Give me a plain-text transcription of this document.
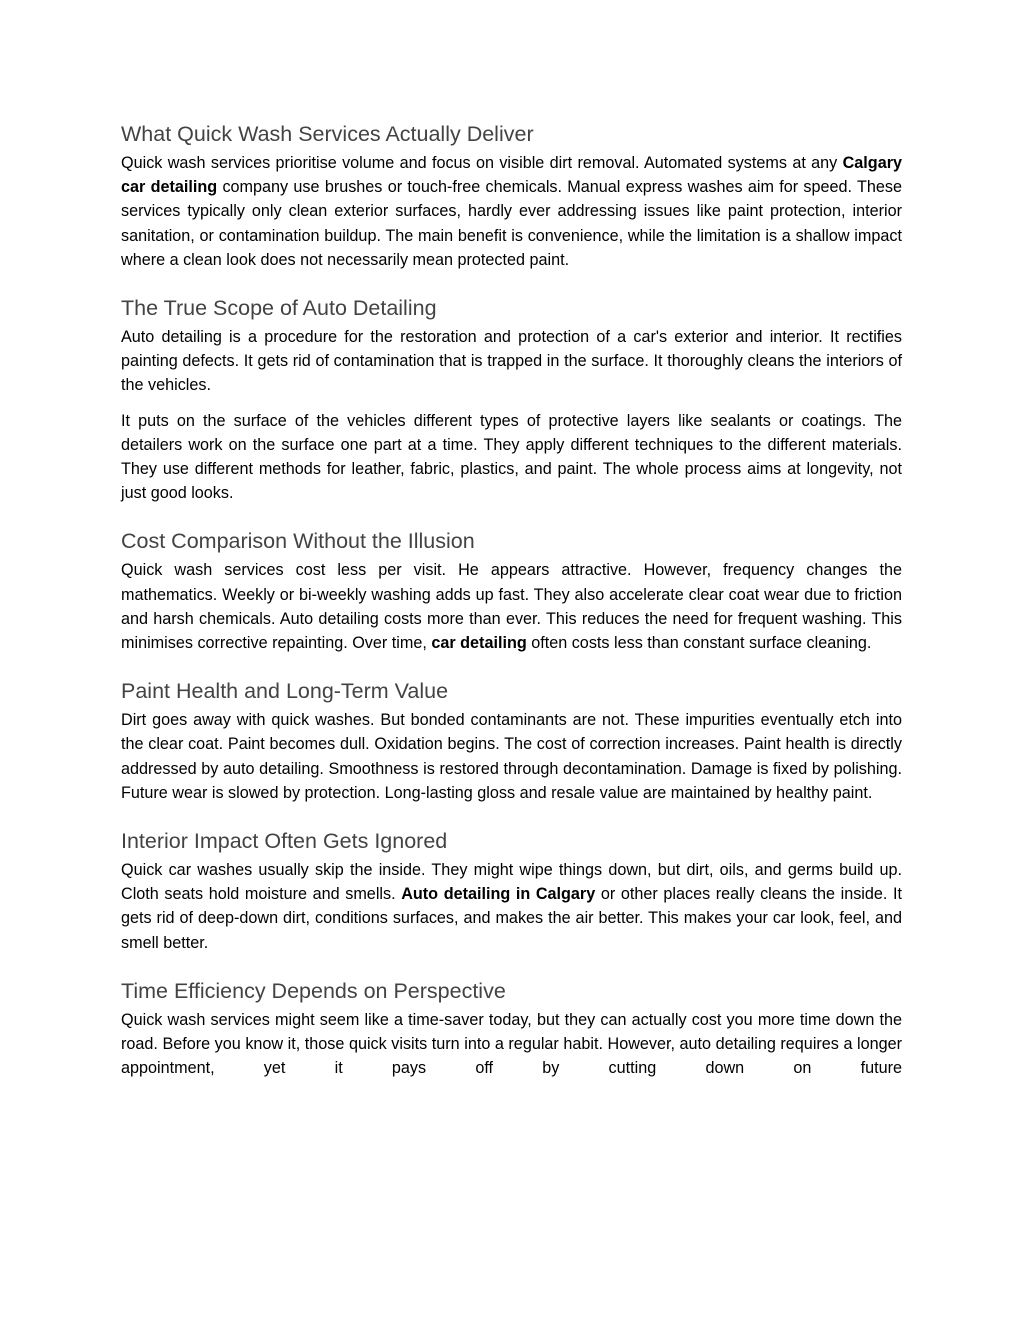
What Quick Wash Services Actually Deliver

Quick wash services prioritise volume and focus on visible dirt removal. Automated systems at any Calgary car detailing company use brushes or touch-free chemicals. Manual express washes aim for speed. These services typically only clean exterior surfaces, hardly ever addressing issues like paint protection, interior sanitation, or contamination buildup. The main benefit is convenience, while the limitation is a shallow impact where a clean look does not necessarily mean protected paint.

The True Scope of Auto Detailing

Auto detailing is a procedure for the restoration and protection of a car's exterior and interior. It rectifies painting defects. It gets rid of contamination that is trapped in the surface. It thoroughly cleans the interiors of the vehicles.

It puts on the surface of the vehicles different types of protective layers like sealants or coatings. The detailers work on the surface one part at a time. They apply different techniques to the different materials. They use different methods for leather, fabric, plastics, and paint. The whole process aims at longevity, not just good looks.

Cost Comparison Without the Illusion

Quick wash services cost less per visit. He appears attractive. However, frequency changes the mathematics. Weekly or bi-weekly washing adds up fast. They also accelerate clear coat wear due to friction and harsh chemicals. Auto detailing costs more than ever. This reduces the need for frequent washing. This minimises corrective repainting. Over time, car detailing often costs less than constant surface cleaning.

Paint Health and Long-Term Value

Dirt goes away with quick washes. But bonded contaminants are not. These impurities eventually etch into the clear coat. Paint becomes dull. Oxidation begins. The cost of correction increases. Paint health is directly addressed by auto detailing. Smoothness is restored through decontamination. Damage is fixed by polishing. Future wear is slowed by protection. Long-lasting gloss and resale value are maintained by healthy paint.

Interior Impact Often Gets Ignored

Quick car washes usually skip the inside. They might wipe things down, but dirt, oils, and germs build up. Cloth seats hold moisture and smells. Auto detailing in Calgary or other places really cleans the inside. It gets rid of deep-down dirt, conditions surfaces, and makes the air better. This makes your car look, feel, and smell better.

Time Efficiency Depends on Perspective

Quick wash services might seem like a time-saver today, but they can actually cost you more time down the road. Before you know it, those quick visits turn into a regular habit. However, auto detailing requires a longer appointment, yet it pays off by cutting down on future
